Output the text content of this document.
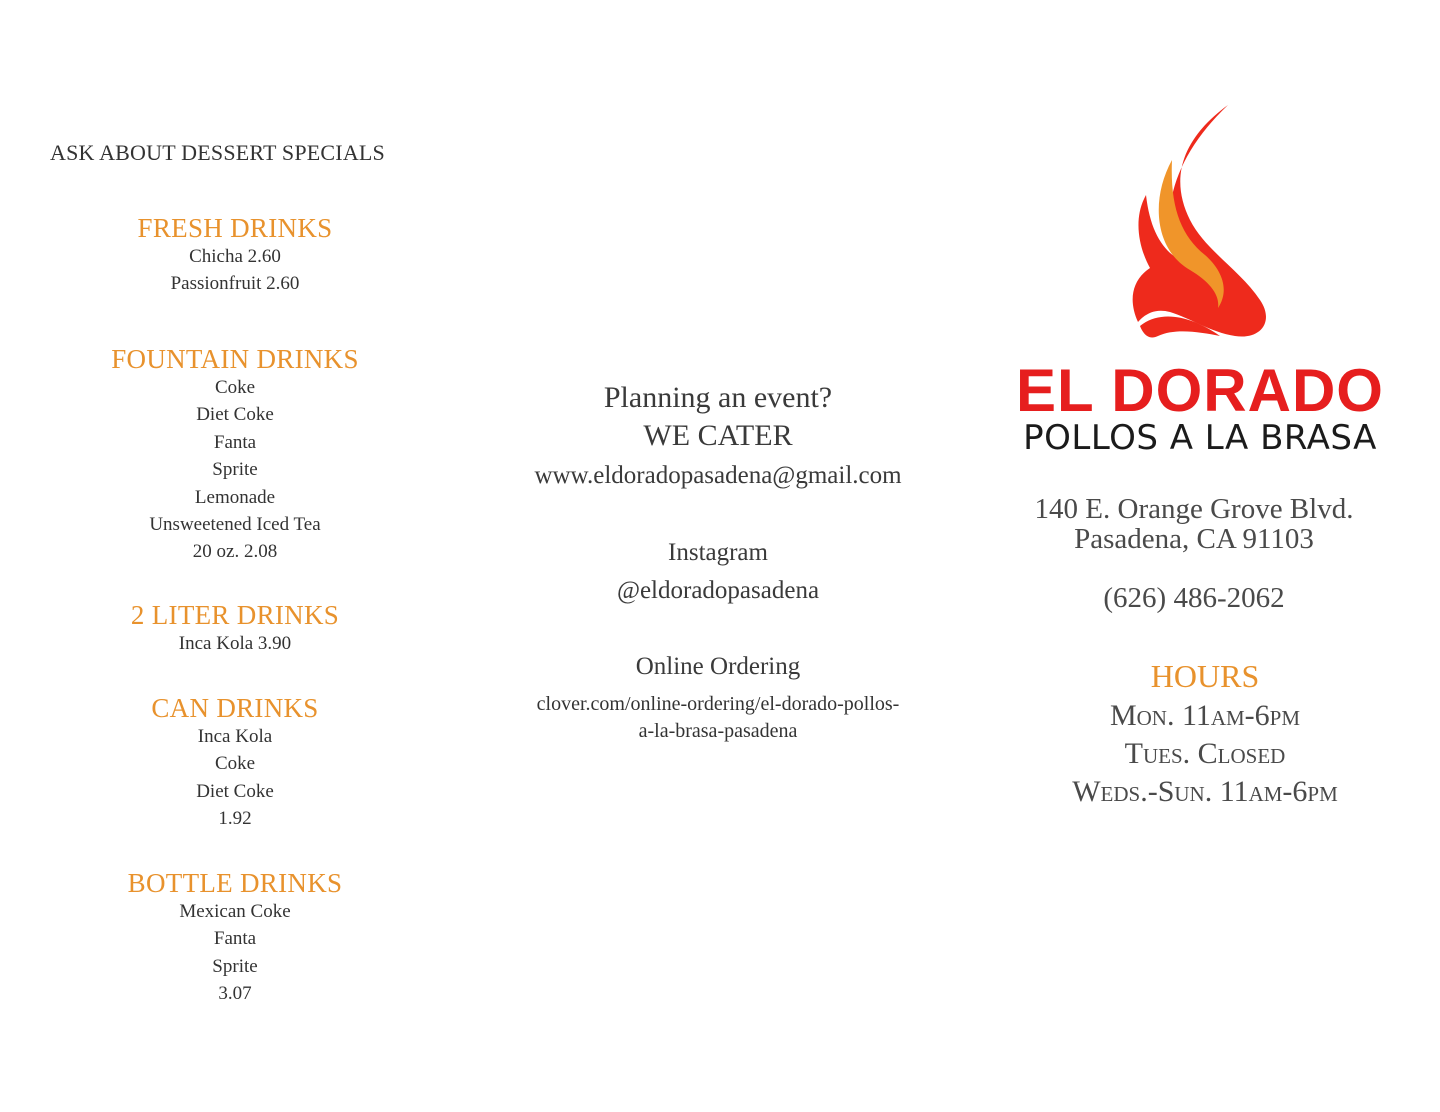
ASK ABOUT DESSERT SPECIALS
FRESH DRINKS
Chicha 2.60
Passionfruit 2.60
FOUNTAIN DRINKS
Coke
Diet Coke
Fanta
Sprite
Lemonade
Unsweetened Iced Tea
20 oz. 2.08
2 LITER DRINKS
Inca Kola 3.90
CAN DRINKS
Inca Kola
Coke
Diet Coke
1.92
BOTTLE DRINKS
Mexican Coke
Fanta
Sprite
3.07
Planning an event?
WE CATER
www.eldoradopasadena@gmail.com
Instagram
@eldoradopasadena
Online Ordering
clover.com/online-ordering/el-dorado-pollos-
a-la-brasa-pasadena
EL DORADO
POLLOS A LA BRASA
140 E. Orange Grove Blvd.
Pasadena, CA 91103
(626) 486-2062
HOURS
Mon. 11am-6pm
Tues. Closed
Weds.-Sun. 11am-6pm
